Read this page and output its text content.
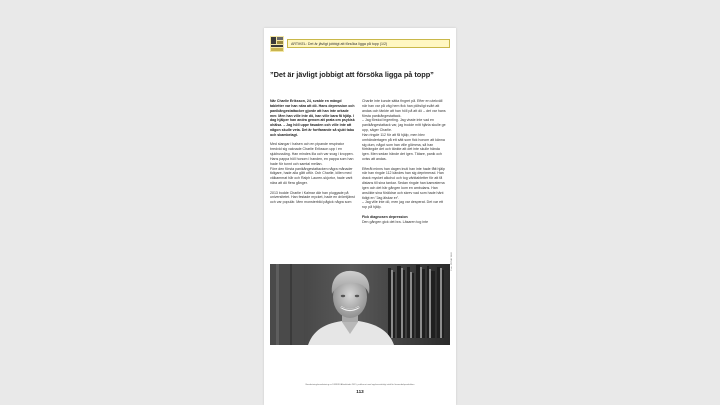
ARTIKEL: Det är jävligt jobbigt att försöka ligga på topp (1/2)
”Det är jävligt jobbigt att försöka ligga på topp”

När Charlie Eriksson, 24, svalde en mängd tabletter var han nära att dö. Hans depression och panikångestattacker gjorde att han inte orkade mer. Men han ville inte dö, han ville bara få hjälp. I dag hjälper han andra genom att prata om psykisk ohälsa. – Jag höll uppe fasaden och ville inte att någon skulle veta. Det är fortfarande så sjukt tabu och skambelagt.

Med slangar i halsen och en pipande respirator bredvid sig vaknade Charlie Eriksson upp i en sjukhussäng. Han mindes illa och var svag i kroppen. Hans pappa höll honom i handen, en pappa som han hade för tunnt och samtal mellan.

Före den första panikångestattacken några månader tidigare, hade alla gått utför. Och Charlie, killen med välkammat hår och Ralph Lauren-skjortor, hade varit nära att dö flera gånger.

2013 bodde Charlie i Kalmar där han pluggade på universitetet. Han festade mycket, hade en drömtjänst och var populär. Men monsterbild pågick några som

Charlie inte kunde sätta fingret på. Efter en utekväll när han var på väg hem fick han plötsligt svårt att andas och tänkte att han höll på att dö – det var hans första panikångestattack.

– Jag förstod ingenting. Jag visste inte vad en panikångestattack var, jag trodde mitt hjärta skulle ge upp, säger Charlie.

Han ringde 112 för att få hjälp, men blev omhändertagen på ett sätt som fick honom att känna sig dum, något som han ville glömma, så han förträngde det och tänkte att det inte skulle hända igen. Men sedan hände det igen. Tätare, panik och oviss att andas.

Efteråt minns han dagen inuti han inte hade fått hjälp när han ringde 112 kändes han sig deprimerad. Han drack mycket alkohol och tog värktabletter för att få distans till sina tankar. Sedan ringde han kamraterna igen och det här gången kom en ambulans. Han ansökte sina föräldrar och skrev vad som hade hänt tidigt en ”Jag älskar er”.

– Jag ville inte dö, men jag var desperat. Det var ett rop på hjälp.

Fick diagnosen depression

Den gången gick det bra. Läsaren tog inte

Foto: PRIVAT BILD
Bearbetning/omarbetning av DN/SVD/Aftonbladet 2015, publicerat med upphovsrättsligt stöd för läromedelsproduktion
113
